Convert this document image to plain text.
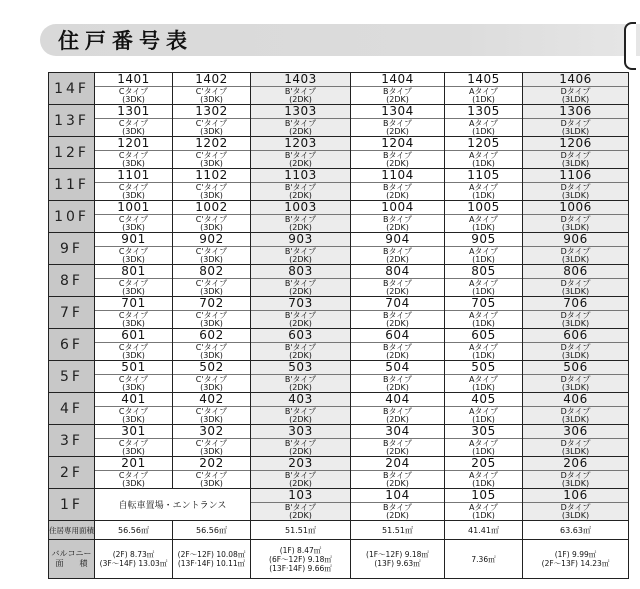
住戸番号表
14F	1401
Cタイプ
(3DK)	1402
C'タイプ
(3DK)	1403
B'タイプ
(2DK)	1404
Bタイプ
(2DK)	1405
Aタイプ
(1DK)	1406
Dタイプ
(3LDK)

13F	1301
Cタイプ
(3DK)	1302
C'タイプ
(3DK)	1303
B'タイプ
(2DK)	1304
Bタイプ
(2DK)	1305
Aタイプ
(1DK)	1306
Dタイプ
(3LDK)

12F	1201
Cタイプ
(3DK)	1202
C'タイプ
(3DK)	1203
B'タイプ
(2DK)	1204
Bタイプ
(2DK)	1205
Aタイプ
(1DK)	1206
Dタイプ
(3LDK)

11F	1101
Cタイプ
(3DK)	1102
C'タイプ
(3DK)	1103
B'タイプ
(2DK)	1104
Bタイプ
(2DK)	1105
Aタイプ
(1DK)	1106
Dタイプ
(3LDK)

10F	1001
Cタイプ
(3DK)	1002
C'タイプ
(3DK)	1003
B'タイプ
(2DK)	1004
Bタイプ
(2DK)	1005
Aタイプ
(1DK)	1006
Dタイプ
(3LDK)

9F	901
Cタイプ
(3DK)	902
C'タイプ
(3DK)	903
B'タイプ
(2DK)	904
Bタイプ
(2DK)	905
Aタイプ
(1DK)	906
Dタイプ
(3LDK)

8F	801
Cタイプ
(3DK)	802
C'タイプ
(3DK)	803
B'タイプ
(2DK)	804
Bタイプ
(2DK)	805
Aタイプ
(1DK)	806
Dタイプ
(3LDK)

7F	701
Cタイプ
(3DK)	702
C'タイプ
(3DK)	703
B'タイプ
(2DK)	704
Bタイプ
(2DK)	705
Aタイプ
(1DK)	706
Dタイプ
(3LDK)

6F	601
Cタイプ
(3DK)	602
C'タイプ
(3DK)	603
B'タイプ
(2DK)	604
Bタイプ
(2DK)	605
Aタイプ
(1DK)	606
Dタイプ
(3LDK)

5F	501
Cタイプ
(3DK)	502
C'タイプ
(3DK)	503
B'タイプ
(2DK)	504
Bタイプ
(2DK)	505
Aタイプ
(1DK)	506
Dタイプ
(3LDK)

4F	401
Cタイプ
(3DK)	402
C'タイプ
(3DK)	403
B'タイプ
(2DK)	404
Bタイプ
(2DK)	405
Aタイプ
(1DK)	406
Dタイプ
(3LDK)

3F	301
Cタイプ
(3DK)	302
C'タイプ
(3DK)	303
B'タイプ
(2DK)	304
Bタイプ
(2DK)	305
Aタイプ
(1DK)	306
Dタイプ
(3LDK)

2F	201
Cタイプ
(3DK)	202
C'タイプ
(3DK)	203
B'タイプ
(2DK)	204
Bタイプ
(2DK)	205
Aタイプ
(1DK)	206
Dタイプ
(3LDK)

1F	自転車置場・エントランス		103
B'タイプ
(2DK)	104
Bタイプ
(2DK)	105
Aタイプ
(1DK)	106
Dタイプ
(3LDK)

住居専用面積	56.56㎡	56.56㎡	51.51㎡	51.51㎡	41.41㎡	63.63㎡

バルコニー
面　　積	(2F) 8.73㎡
(3F〜14F) 13.03㎡	(2F〜12F) 10.08㎡
(13F·14F) 10.11㎡	(1F) 8.47㎡
(6F〜12F) 9.18㎡
(13F·14F) 9.66㎡	(1F〜12F) 9.18㎡
(13F) 9.63㎡	7.36㎡	(1F) 9.99㎡
(2F〜13F) 14.23㎡
